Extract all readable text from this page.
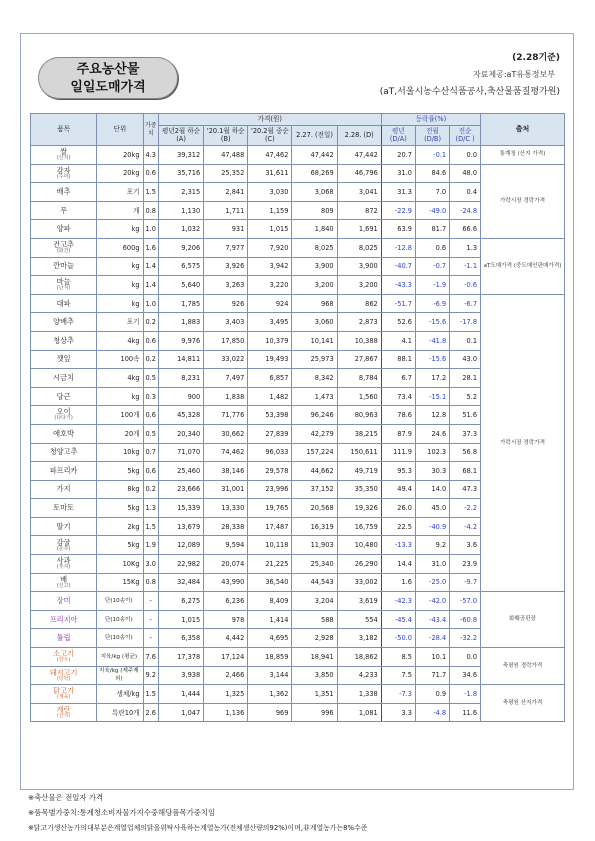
주요농산물
일일도매가격
(2.28기준)
자료제공:aT유통정보부
(aT,서울시농수산식품공사,축산물품질평가원)
품목	단위	가중치	가격(원)					등락률(%)			출처
			평년2월 하순(A)	'20.1월 하순(B)	'20.2월 중순(C)	2.27. (전일)	2.28. (D)	평년 (D/A)	전월 (D/B)	전순 (D/C )	
쌀
(산지)	20kg	4.3	39,312	47,488	47,462	47,442	47,442	20.7	-0.1	0.0	통계청 (산지 가격)
감자
(수미)	20kg	0.6	35,716	25,352	31,611	68,269	46,796	31.0	84.6	48.0	가락시장 경락가격
배추	포기	1.5	2,315	2,841	3,030	3,068	3,041	31.3	7.0	0.4	
무	개	0.8	1,130	1,711	1,159	809	872	-22.9	-49.0	-24.8	
양파	kg	1.0	1,032	931	1,015	1,840	1,691	63.9	81.7	66.6	
건고추
(화건)	600g	1.6	9,206	7,977	7,920	8,025	8,025	-12.8	0.6	1.3	aT도매가격 (중도매인판매가격)
깐마늘	kg	1.4	6,575	3,926	3,942	3,900	3,900	-40.7	-0.7	-1.1	
마늘
(난지)	kg	1.4	5,640	3,263	3,220	3,200	3,200	-43.3	-1.9	-0.6	
대파	kg	1.0	1,785	926	924	968	862	-51.7	-6.9	-6.7	가락시장 경락가격
양배추	포기	0.2	1,883	3,403	3,495	3,060	2,873	52.6	-15.6	-17.8	
청상추	4kg	0.6	9,976	17,850	10,379	10,141	10,388	4.1	-41.8	0.1	
깻잎	100속	0.2	14,811	33,022	19,493	25,973	27,867	88.1	-15.6	43.0	
시금치	4kg	0.5	8,231	7,497	6,857	8,342	8,784	6.7	17.2	28.1	
당근	kg	0.3	900	1,838	1,482	1,473	1,560	73.4	-15.1	5.2	
오이
(다다기)	100개	0.6	45,328	71,776	53,398	96,246	80,963	78.6	12.8	51.6	
애호박	20개	0.5	20,340	30,662	27,839	42,279	38,215	87.9	24.6	37.3	
청양고추	10kg	0.7	71,070	74,462	96,033	157,224	150,611	111.9	102.3	56.8	
파프리카	5kg	0.6	25,460	38,146	29,578	44,662	49,719	95.3	30.3	68.1	
가지	8kg	0.2	23,666	31,001	23,996	37,152	35,350	49.4	14.0	47.3	
토마토	5kg	1.3	15,339	13,330	19,765	20,568	19,326	26.0	45.0	-2.2	
딸기	2kg	1.5	13,679	28,338	17,487	16,319	16,759	22.5	-40.9	-4.2	
감귤
(온주)	5kg	1.9	12,089	9,594	10,118	11,903	10,480	-13.3	9.2	3.6	
사과
(후지)	10Kg	3.0	22,982	20,074	21,225	25,340	26,290	14.4	31.0	23.9	
배
(신고)	15Kg	0.8	32,484	43,990	36,540	44,543	33,002	1.6	-25.0	-9.7	
장미	단(10송이)	-	6,275	6,236	8,409	3,204	3,619	-42.3	-42.0	-57.0	화훼공판장
프리지아	단(10송이)	-	1,015	978	1,414	588	554	-45.4	-43.4	-60.8	
튤립	단(10송이)	-	6,358	4,442	4,695	2,928	3,182	-50.0	-28.4	-32.2	
소고기
(한우)	지육/kg (평균)	7.6	17,378	17,124	18,859	18,941	18,862	8.5	10.1	0.0	축평원 경락가격
돼지고기
(탕박)	지육/kg (제주제외)	9.2	3,938	2,466	3,144	3,850	4,233	7.5	71.7	34.6	
닭고기
(계육)	생체/kg	1.5	1,444	1,325	1,362	1,351	1,338	-7.3	0.9	-1.8	축평원 산지가격
계란
(산지)	특란10개	2.6	1,047	1,136	969	996	1,081	3.3	-4.8	11.6	
※축산물은 전일자 가격
※품목별가중치:통계청소비자물가지수중해당품목가중치임
※닭고기생산농가의대부분은계열업체의닭을위탁사육하는계열농가(전체생산량의92%)이며,非계열농가는8%수준
